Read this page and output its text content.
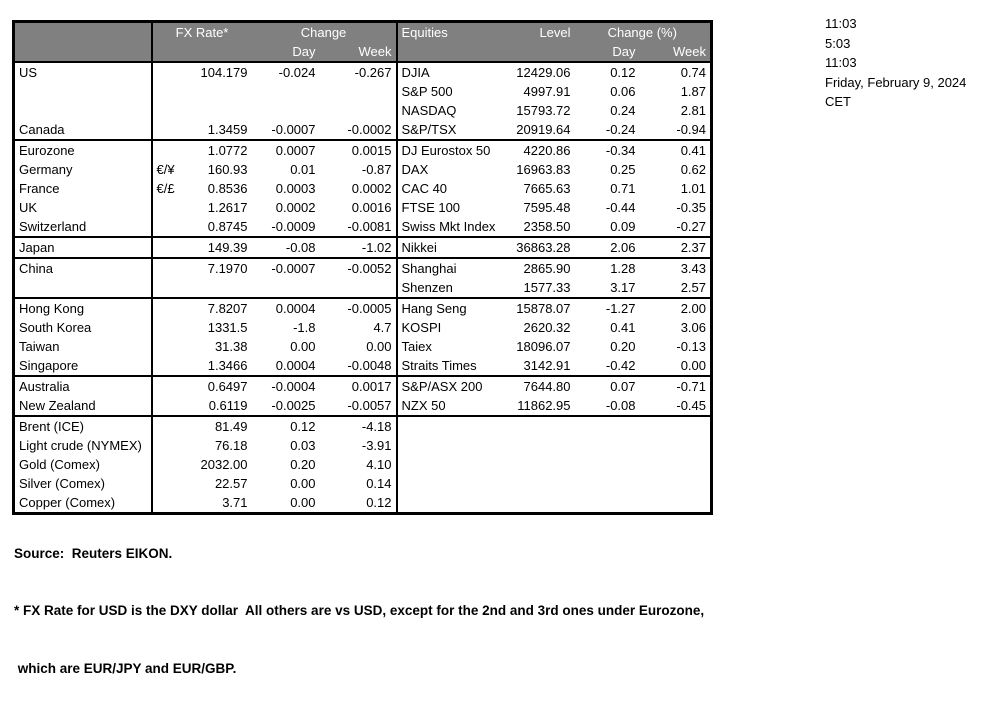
	FX Rate*		Change		Equities	Level	Change (%)	
			Day	Week			Day	Week
US		104.179	-0.024	-0.267	DJIA	12429.06	0.12	0.74
					S&P 500	4997.91	0.06	1.87
					NASDAQ	15793.72	0.24	2.81
Canada		1.3459	-0.0007	-0.0002	S&P/TSX	20919.64	-0.24	-0.94
Eurozone		1.0772	0.0007	0.0015	DJ Eurostox 50	4220.86	-0.34	0.41
Germany	€/¥	160.93	0.01	-0.87	DAX	16963.83	0.25	0.62
France	€/£	0.8536	0.0003	0.0002	CAC 40	7665.63	0.71	1.01
UK		1.2617	0.0002	0.0016	FTSE 100	7595.48	-0.44	-0.35
Switzerland		0.8745	-0.0009	-0.0081	Swiss Mkt Index	2358.50	0.09	-0.27
Japan		149.39	-0.08	-1.02	Nikkei	36863.28	2.06	2.37
China		7.1970	-0.0007	-0.0052	Shanghai	2865.90	1.28	3.43
					Shenzen	1577.33	3.17	2.57
Hong Kong		7.8207	0.0004	-0.0005	Hang Seng	15878.07	-1.27	2.00
South Korea		1331.5	-1.8	4.7	KOSPI	2620.32	0.41	3.06
Taiwan		31.38	0.00	0.00	Taiex	18096.07	0.20	-0.13
Singapore		1.3466	0.0004	-0.0048	Straits Times	3142.91	-0.42	0.00
Australia		0.6497	-0.0004	0.0017	S&P/ASX 200	7644.80	0.07	-0.71
New Zealand		0.6119	-0.0025	-0.0057	NZX 50	11862.95	-0.08	-0.45
Brent (ICE)		81.49	0.12	-4.18				
Light crude (NYMEX)		76.18	0.03	-3.91				
Gold (Comex)		2032.00	0.20	4.10				
Silver (Comex)		22.57	0.00	0.14				
Copper (Comex)		3.71	0.00	0.12				
11:03
5:03
11:03
Friday, February 9, 2024
CET

Source:  Reuters EIKON.

* FX Rate for USD is the DXY dollar  All others are vs USD, except for the 2nd and 3rd ones under Eurozone,

which are EUR/JPY and EUR/GBP.
